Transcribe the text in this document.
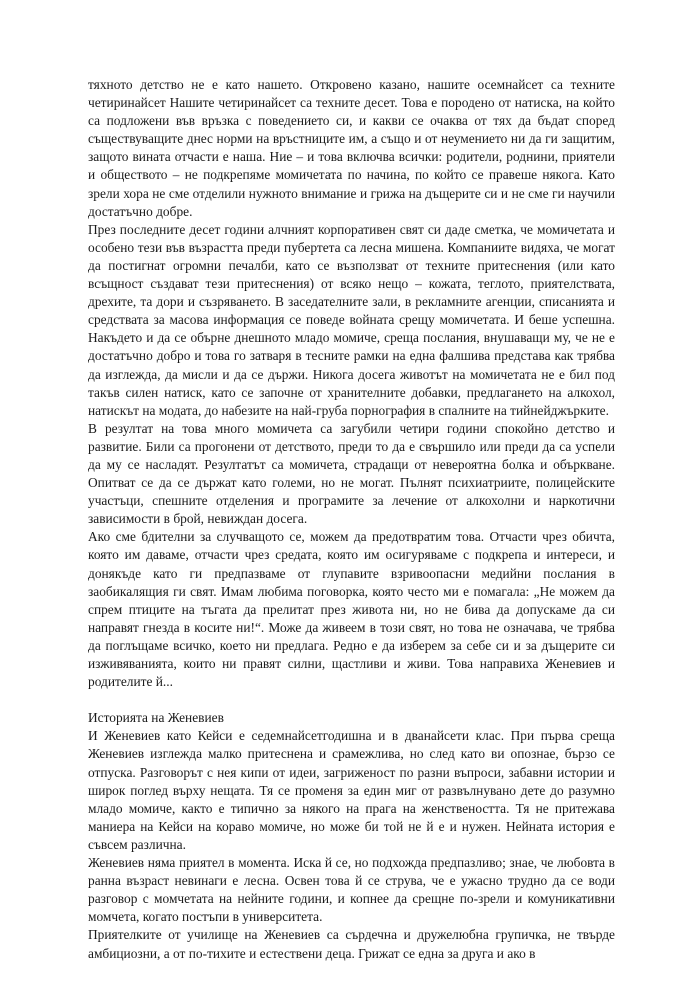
тяхното детство не е като нашето. Откровено казано, нашите осемнайсет са техните четиринайсет Нашите четиринайсет са техните десет. Това е породено от натиска, на който са подложени във връзка с поведението си, и какви се очаква от тях да бъдат според съществуващите днес норми на връстниците им, а също и от неумението ни да ги защитим, защото вината отчасти е наша. Ние – и това включва всички: родители, роднини, приятели и обществото – не подкрепяме момичетата по начина, по който се правеше някога. Като зрели хора не сме отделили нужното внимание и грижа на дъщерите си и не сме ги научили достатъчно добре.

През последните десет години алчният корпоративен свят си даде сметка, че момичетата и особено тези във възрастта преди пубертета са лесна мишена. Компаниите видяха, че могат да постигнат огромни печалби, като се възползват от техните притеснения (или като всъщност създават тези притеснения) от всяко нещо – кожата, теглото, приятелствата, дрехите, та дори и съзряването. В заседателните зали, в рекламните агенции, списанията и средствата за масова информация се поведе войната срещу момичетата. И беше успешна. Накъдето и да се обърне днешното младо момиче, среща послания, внушаващи му, че не е достатъчно добро и това го затваря в тесните рамки на една фалшива представа как трябва да изглежда, да мисли и да се държи. Никога досега животът на момичетата не е бил под такъв силен натиск, като се започне от хранителните добавки, предлагането на алкохол, натискът на модата, до набезите на най-груба порнография в спалните на тийнейджърките.

В резултат на това много момичета са загубили четири години спокойно детство и развитие. Били са прогонени от детството, преди то да е свършило или преди да са успели да му се насладят. Резултатът са момичета, страдащи от невероятна болка и объркване. Опитват се да се държат като големи, но не могат. Пълнят психиатриите, полицейските участъци, спешните отделения и програмите за лечение от алкохолни и наркотични зависимости в брой, невиждан досега.

Ако сме бдителни за случващото се, можем да предотвратим това. Отчасти чрез обичта, която им даваме, отчасти чрез средата, която им осигуряваме с подкрепа и интереси, и донякъде като ги предпазваме от глупавите взривоопасни медийни послания в заобикалящия ги свят. Имам любима поговорка, която често ми е помагала: „Не можем да спрем птиците на тъгата да прелитат през живота ни, но не бива да допускаме да си направят гнезда в косите ни!“. Може да живеем в този свят, но това не означава, че трябва да поглъщаме всичко, което ни предлага. Редно е да изберем за себе си и за дъщерите си изживяванията, които ни правят силни, щастливи и живи. Това направиха Женевиев и родителите й...

Историята на Женевиев

И Женевиев като Кейси е седемнайсетгодишна и в дванайсети клас. При първа среща Женевиев изглежда малко притеснена и срамежлива, но след като ви опознае, бързо се отпуска. Разговорът с нея кипи от идеи, загриженост по разни въпроси, забавни истории и широк поглед върху нещата. Тя се променя за един миг от развълнувано дете до разумно младо момиче, както е типично за някого на прага на женствеността. Тя не притежава маниера на Кейси на кораво момиче, но може би той не й е и нужен. Нейната история е съвсем различна.

Женевиев няма приятел в момента. Иска й се, но подхожда предпазливо; знае, че любовта в ранна възраст невинаги е лесна. Освен това й се струва, че е ужасно трудно да се води разговор с момчетата на нейните години, и копнее да срещне по-зрели и комуникативни момчета, когато постъпи в университета.

Приятелките от училище на Женевиев са сърдечна и дружелюбна групичка, не твърде амбициозни, а от по-тихите и естествени деца. Грижат се една за друга и ако в
